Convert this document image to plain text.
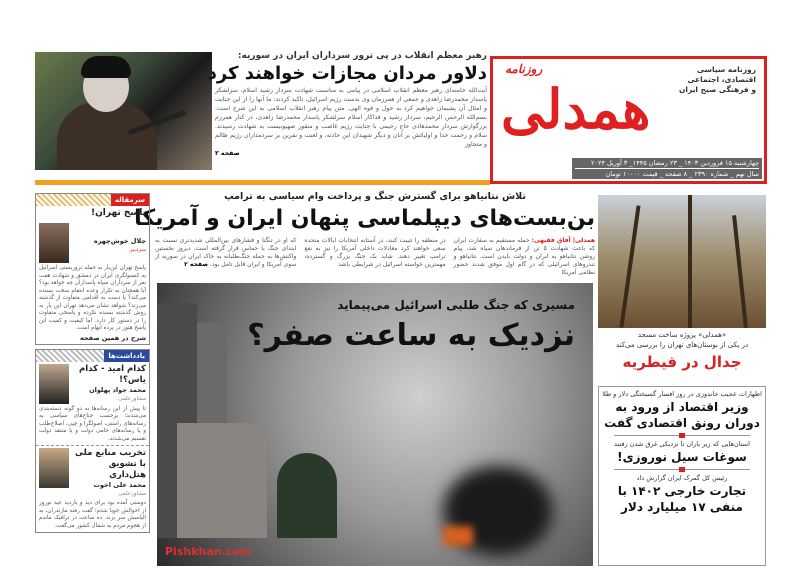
رهبر معظم انقلاب در پی ترور سرداران ایران در سوریه:
دلاور مردان مجازات خواهند کرد
آیت‌الله خامنه‌ای رهبر معظم انقلاب اسلامی در پیامی به مناسبت شهادت سردار رشید اسلام، سرلشکر پاسدار محمدرضا زاهدی و جمعی از همرزمان وی بدست رژیم اسرائیل، تاکید کردند: ما آنها را از این جنایت و امثال آن پشیمان خواهیم کرد به حول و قوه الهی. متن پیام رهبر انقلاب اسلامی به این شرح است: بسم‌الله الرحمن الرحیم، سردار رشید و فداکار اسلام سرلشکر پاسدار محمدرضا زاهدی، در کنار همرزم بزرگوارش سردار محمدهادی حاج رحیمی با جنایت رژیم غاصب و منفور صهیونیست به شهادت رسیدند. سلام و رحمت خدا و اولیائش بر آنان و دیگر شهیدان این حادثه، و لعنت و نفرین بر سردمداران رژیم ظالم و متجاوز
صفحه ۲
روزنامه
همدلی
روزنامه سیاسی
اقتصادی، اجتماعی
و فرهنگی صبح ایران
چهارشنبه ۱۵ فروردین ۱۴۰۳ _ ۲۳ رمضان ۱۴۴۵_ ۳ آوریل ۲۰۲۴
سال نهم _ شماره ۲۳۹۰ _ ۸ صفحه _ قیمت ۱۰۰۰۰ تومان
تلاش نتانیاهو برای گسترش جنگ و پرداخت وام سیاسی به ترامپ
بن‌بست‌های دیپلماسی پنهان ایران و آمریکا
همدلی| آفاق فقیهی: حمله مستقیم به سفارت ایران که باعث شهادت ۵ تن از فرماندهان سپاه شد، پیام روشن نتانیاهو به ایران و دولت بایدن است. نتانیاهو و تندروهای اسرائیلی که در گام اول موفق شدند حضور نظامی آمریکا
در منطقه را تثبیت کنند، در آستانه انتخابات ایالات متحده سعی خواهند کرد معادلات داخلی آمریکا را نیز به نفع ترامپ تغییر دهند. شاید یک جنگ بزرگ و گسترده، مهمترین خواسته اسرائیل در شرایطی باشد
که او در تنگنا و فشارهای بین‌المللی شدیدتری نسبت به ابتدای جنگ با حماس قرار گرفته است. دیروز نخستین واکنش‌ها به حمله جنگ‌طلبانه به خاک ایران در سوریه از سوی آمریکا و ایران قابل تامل بود. صفحه ۲
مسیری که جنگ طلبی اسرائیل می‌پیماید
نزدیک به ساعت صفر؟
Pishkhan.com
«همدلی» پروژه ساخت مسجد
در یکی از بوستان‌های تهران را بررسی می‌کند
جدال در قیطریه
اظهارات عجیب خاندوزی در روز افسار گسیختگی دلار و طلا
وزیر اقتصاد از ورود به دوران رونق اقتصادی گفت
استان‌هایی که زیر باران تا نزدیکی غرق شدن رفتند
سوغات سیل نوروزی!
رئیس کل گمرک ایران گزارش داد
تجارت خارجی ۱۴۰۲ با منفی ۱۷ میلیارد دلار
سرمقاله
پاسخ تهران!
جلال خوش‌چهره
سردبیر
پاسخ تهران این‌بار به حمله تروریستی اسرائیل به کنسولگری ایران در دمشق و شهادت هفت نفر از سرداران سپاه پاسداران چه خواهد بود؟ آیا همچنان به تکرار وعده انتقام سخت بسنده می‌کند؟ یا دست به اقدامی متفاوت از گذشته می‌زند؟ شواهد نشان می‌دهد تهران این بار به روش گذشته بسنده نکرده و پاسخی متفاوت را در دستور کار دارد. اما کیفیت و کمیت این پاسخ هنوز در پرده ابهام است.
شرح در همین صفحه
یادداشت‌ها
کدام امید - کدام یاس؟!
محمد جواد پهلوان
مشاورعلمی
تا پیش از این رسانه‌ها به دو گونه دسته‌بندی می‌شدند؛ برحسب جناح‌های سیاسی به رسانه‌های راستی، اصولگرا و چپی، اصلاح‌طلب و یا رسانه‌های حامی دولت و یا منتقد دولت تقسیم می‌شدند.
تخریب منابع ملی با تشویق هتل‌داری
محمد علی اخوت
مشاورعلمی
دوستی آمده بود برای دید و بازدید عید نوروز از احوالش جویا شدم؛ گفت رفته مازندران، به الیاسش سر بزند. ده ساعت در ترافیک ماندم از هجوم مردم به شمال کشور می‌گفت.
